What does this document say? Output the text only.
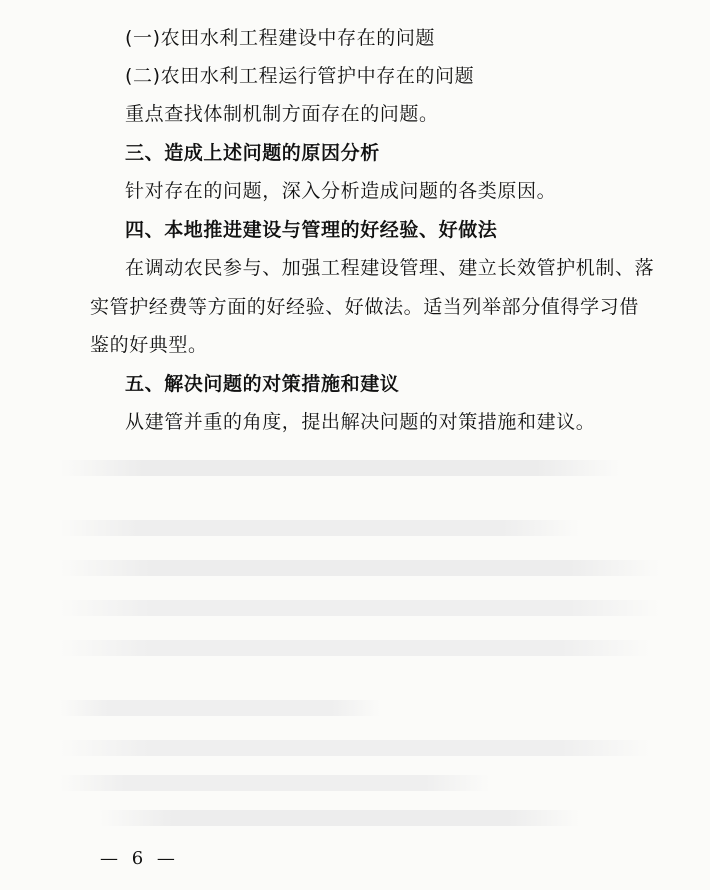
(一)农田水利工程建设中存在的问题
(二)农田水利工程运行管护中存在的问题
重点查找体制机制方面存在的问题。
三、造成上述问题的原因分析
针对存在的问题，深入分析造成问题的各类原因。
四、本地推进建设与管理的好经验、好做法
在调动农民参与、加强工程建设管理、建立长效管护机制、落
实管护经费等方面的好经验、好做法。适当列举部分值得学习借
鉴的好典型。
五、解决问题的对策措施和建议
从建管并重的角度，提出解决问题的对策措施和建议。
— 6 —
